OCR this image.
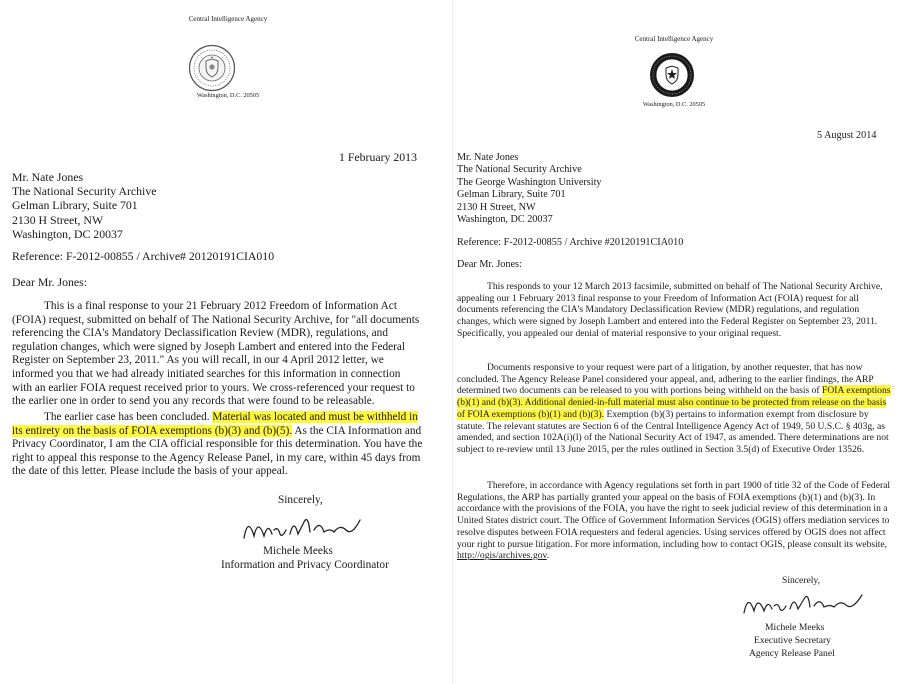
Central Intelligence Agency
Washington, D.C. 20505
1 February 2013
Mr. Nate Jones
The National Security Archive
Gelman Library, Suite 701
2130 H Street, NW
Washington, DC 20037
Reference: F-2012-00855 / Archive# 20120191CIA010
Dear Mr. Jones:

This is a final response to your 21 February 2012 Freedom of Information Act (FOIA) request, submitted on behalf of The National Security Archive, for "all documents referencing the CIA's Mandatory Declassification Review (MDR), regulations, and regulation changes, which were signed by Joseph Lambert and entered into the Federal Register on September 23, 2011." As you will recall, in our 4 April 2012 letter, we informed you that we had already initiated searches for this information in connection with an earlier FOIA request received prior to yours. We cross-referenced your request to the earlier one in order to send you any records that were found to be releasable.

The earlier case has been concluded. Material was located and must be withheld in its entirety on the basis of FOIA exemptions (b)(3) and (b)(5). As the CIA Information and Privacy Coordinator, I am the CIA official responsible for this determination. You have the right to appeal this response to the Agency Release Panel, in my care, within 45 days from the date of this letter. Please include the basis of your appeal.

Sincerely,
Michele Meeks
Information and Privacy Coordinator
Central Intelligence Agency
Washington, D.C. 20505
5 August 2014
Mr. Nate Jones
The National Security Archive
The George Washington University
Gelman Library, Suite 701
2130 H Street, NW
Washington, DC 20037
Reference: F-2012-00855 / Archive #20120191CIA010
Dear Mr. Jones:

This responds to your 12 March 2013 facsimile, submitted on behalf of The National Security Archive, appealing our 1 February 2013 final response to your Freedom of Information Act (FOIA) request for all documents referencing the CIA's Mandatory Declassification Review (MDR) regulations, and regulation changes, which were signed by Joseph Lambert and entered into the Federal Register on September 23, 2011. Specifically, you appealed our denial of material responsive to your original request.

Documents responsive to your request were part of a litigation, by another requester, that has now concluded. The Agency Release Panel considered your appeal, and, adhering to the earlier findings, the ARP determined two documents can be released to you with portions being withheld on the basis of FOIA exemptions (b)(1) and (b)(3). Additional denied-in-full material must also continue to be protected from release on the basis of FOIA exemptions (b)(1) and (b)(3). Exemption (b)(3) pertains to information exempt from disclosure by statute. The relevant statutes are Section 6 of the Central Intelligence Agency Act of 1949, 50 U.S.C. § 403g, as amended, and section 102A(i)(l) of the National Security Act of 1947, as amended. There determinations are not subject to re-review until 13 June 2015, per the rules outlined in Section 3.5(d) of Executive Order 13526.

Therefore, in accordance with Agency regulations set forth in part 1900 of title 32 of the Code of Federal Regulations, the ARP has partially granted your appeal on the basis of FOIA exemptions (b)(1) and (b)(3). In accordance with the provisions of the FOIA, you have the right to seek judicial review of this determination in a United States district court. The Office of Government Information Services (OGIS) offers mediation services to resolve disputes between FOIA requesters and federal agencies. Using services offered by OGIS does not affect your right to pursue litigation. For more information, including how to contact OGIS, please consult its website, http://ogis/archives.gov.

Sincerely,
Michele Meeks
Executive Secretary
Agency Release Panel
